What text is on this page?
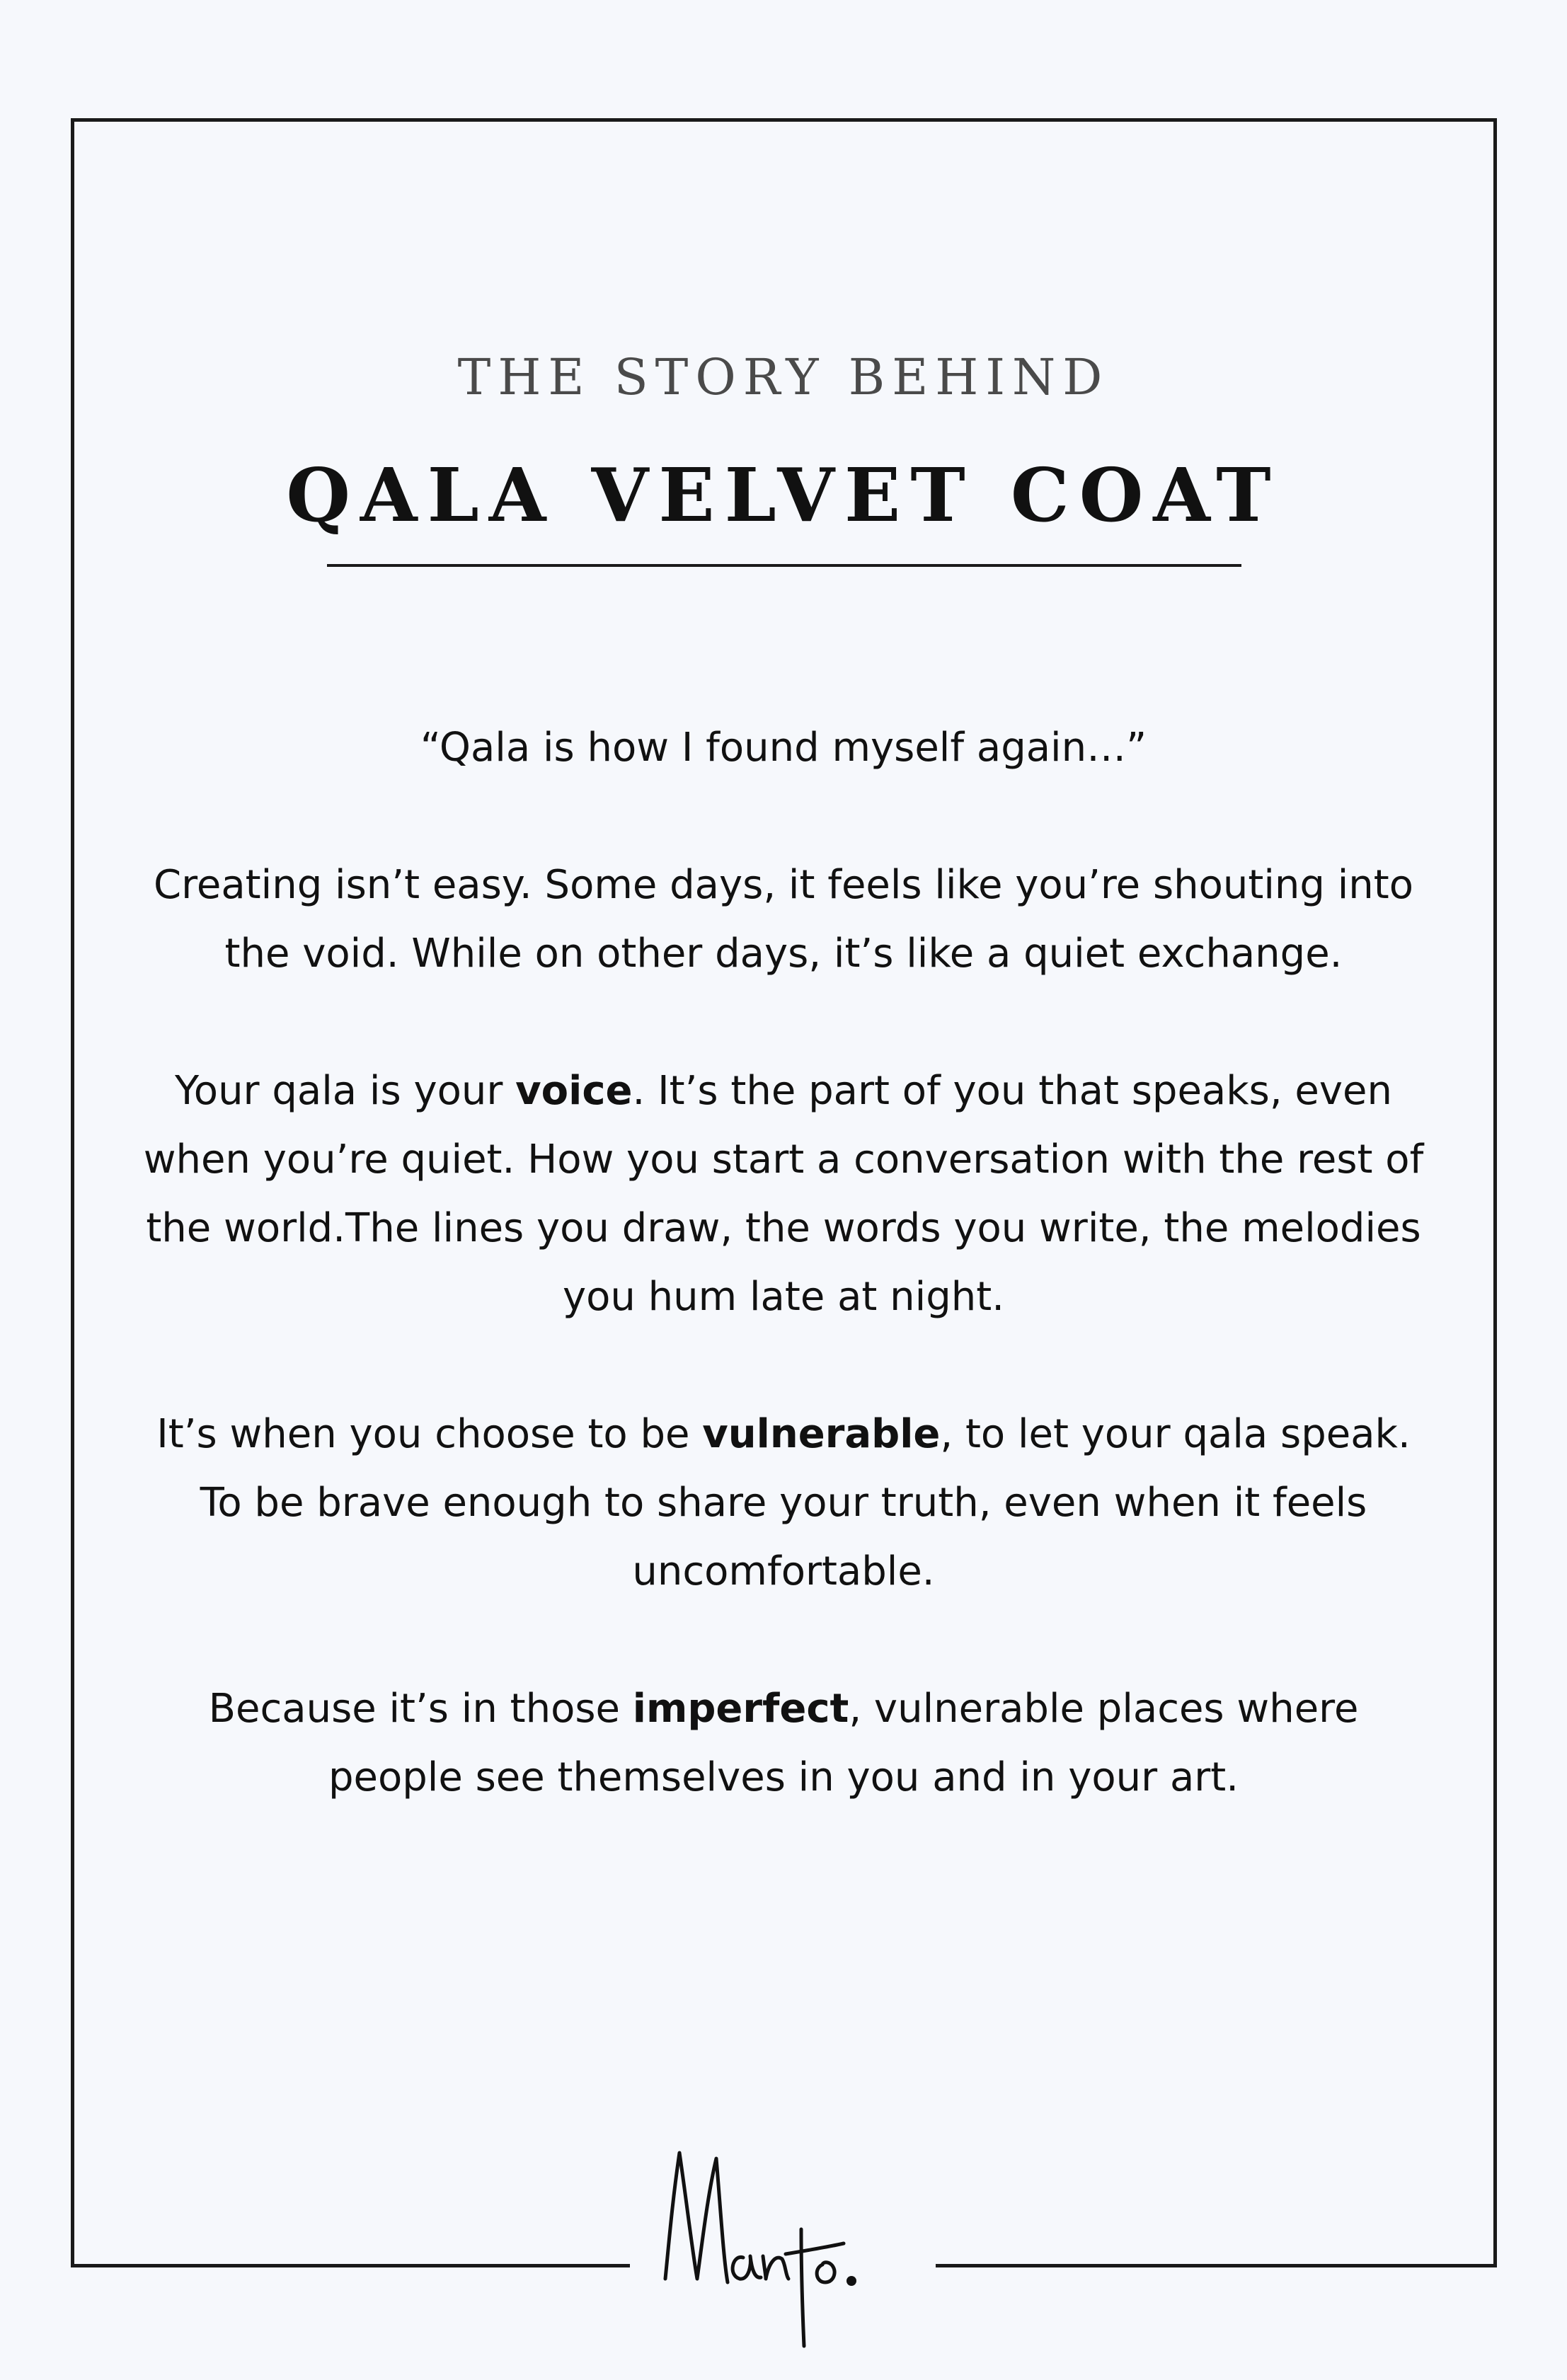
THE STORY BEHIND
QALA VELVET COAT

“Qala is how I found myself again…”

Creating isn’t easy. Some days, it feels like you’re shouting into the void. While on other days, it’s like a quiet exchange.

Your qala is your voice. It’s the part of you that speaks, even when you’re quiet. How you start a conversation with the rest of the world.The lines you draw, the words you write, the melodies you hum late at night.

It’s when you choose to be vulnerable, to let your qala speak. To be brave enough to share your truth, even when it feels uncomfortable.

Because it’s in those imperfect, vulnerable places where people see themselves in you and in your art.
